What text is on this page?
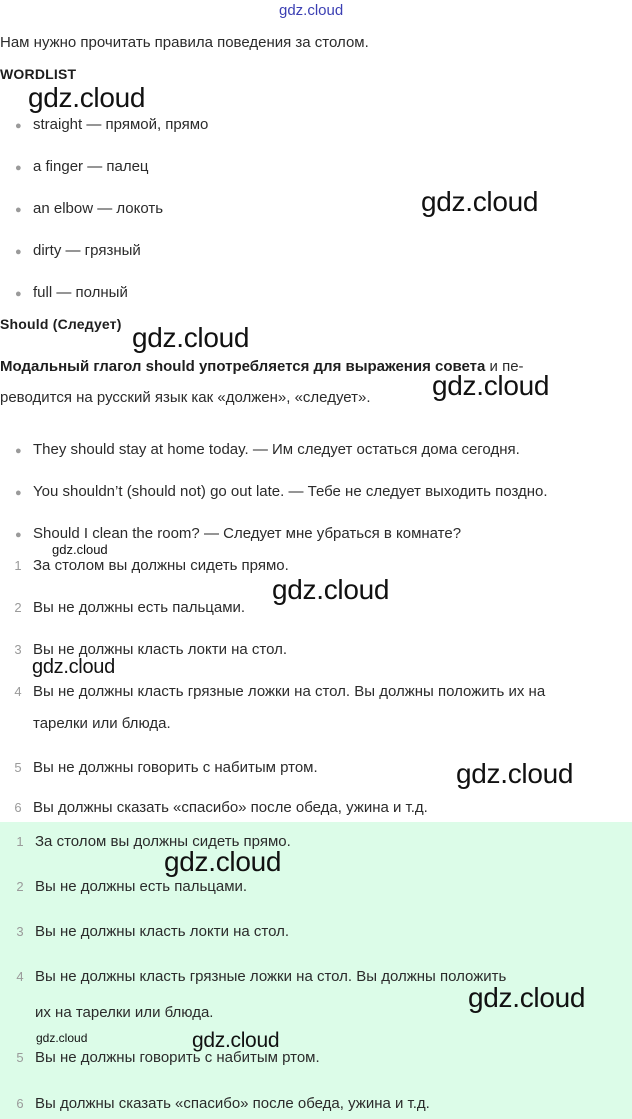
gdz.cloud
Нам нужно прочитать правила поведения за столом.
WORDLIST
● straight — прямой, прямо
● a finger — палец
● an elbow — локоть
● dirty — грязный
● full — полный
Should (Следует)
Модальный глагол should употребляется для выражения совета и пе-
реводится на русский язык как «должен», «следует».
● They should stay at home today. — Им следует остаться дома сегодня.
● You shouldn’t (should not) go out late. — Тебе не следует выходить поздно.
● Should I clean the room? — Следует мне убраться в комнате?
1 За столом вы должны сидеть прямо.
2 Вы не должны есть пальцами.
3 Вы не должны класть локти на стол.
4 Вы не должны класть грязные ложки на стол. Вы должны положить их на
тарелки или блюда.
5 Вы не должны говорить с набитым ртом.
6 Вы должны сказать «спасибо» после обеда, ужина и т.д.
1 За столом вы должны сидеть прямо.
2 Вы не должны есть пальцами.
3 Вы не должны класть локти на стол.
4 Вы не должны класть грязные ложки на стол. Вы должны положить
их на тарелки или блюда.
5 Вы не должны говорить с набитым ртом.
6 Вы должны сказать «спасибо» после обеда, ужина и т.д.
gdz.cloud
gdz.cloud
gdz.cloud
gdz.cloud
gdz.cloud
gdz.cloud
gdz.cloud
gdz.cloud
gdz.cloud
gdz.cloud
gdz.cloud	gdz.cloud
